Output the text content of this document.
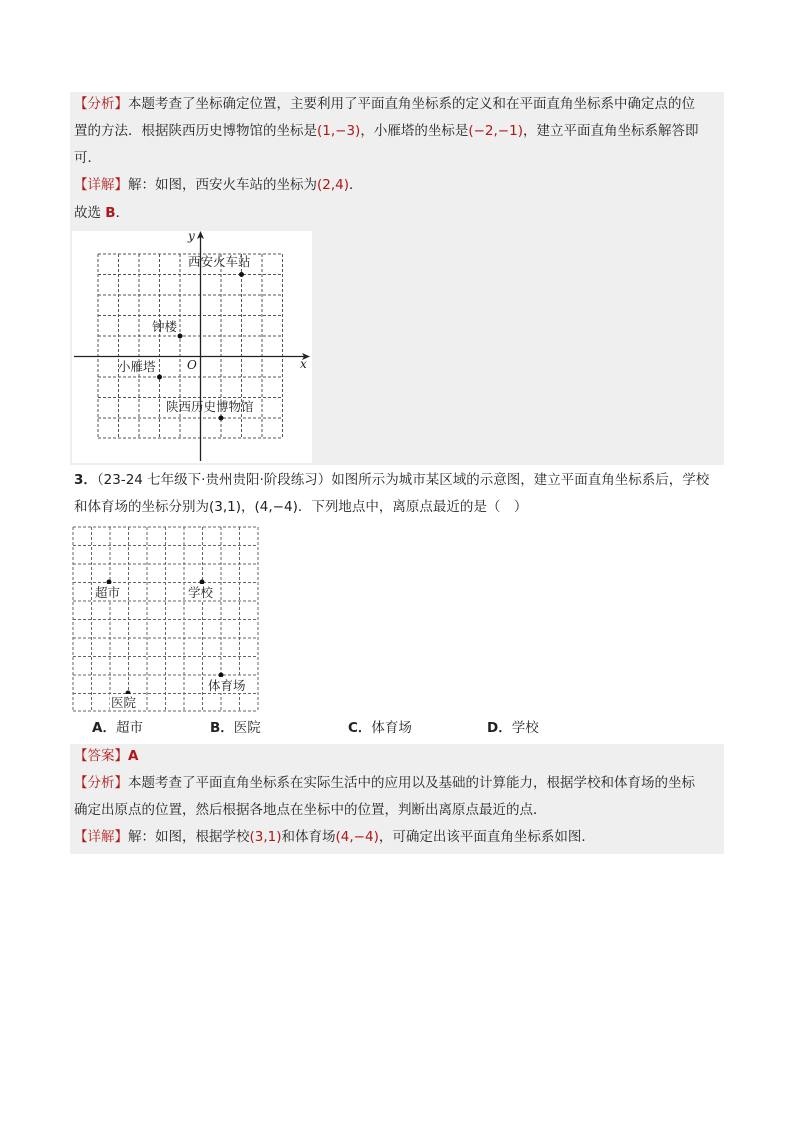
【分析】本题考查了坐标确定位置，主要利用了平面直角坐标系的定义和在平面直角坐标系中确定点的位
置的方法．根据陕西历史博物馆的坐标是(1,−3)，小雁塔的坐标是(−2,−1)，建立平面直角坐标系解答即
可．
【详解】解：如图，西安火车站的坐标为(2,4)．
故选 B．
x
y
O
西安火车站
钟楼
小雁塔
陕西历史博物馆
3．（23-24 七年级下·贵州贵阳·阶段练习）如图所示为城市某区域的示意图，建立平面直角坐标系后，学校
和体育场的坐标分别为(3,1)，(4,−4)．下列地点中，离原点最近的是（　）
超市	学校
体育场
医院
A．超市	B．医院	C．体育场	D．学校
【答案】A
【分析】本题考查了平面直角坐标系在实际生活中的应用以及基础的计算能力，根据学校和体育场的坐标
确定出原点的位置，然后根据各地点在坐标中的位置，判断出离原点最近的点．
【详解】解：如图，根据学校(3,1)和体育场(4,−4)，可确定出该平面直角坐标系如图．
